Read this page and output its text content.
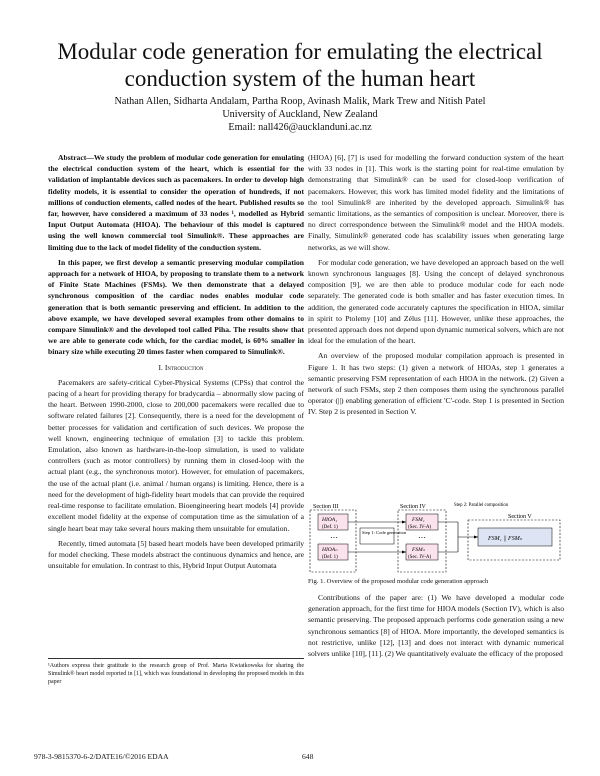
Modular code generation for emulating the electrical conduction system of the human heart
Nathan Allen, Sidharta Andalam, Partha Roop, Avinash Malik, Mark Trew and Nitish Patel
University of Auckland, New Zealand
Email: nall426@aucklanduni.ac.nz

Abstract—We study the problem of modular code generation for emulating the electrical conduction system of the heart, which is essential for the validation of implantable devices such as pacemakers. In order to develop high fidelity models, it is essential to consider the operation of hundreds, if not millions of conduction elements, called nodes of the heart. Published results so far, however, have considered a maximum of 33 nodes ¹, modelled as Hybrid Input Output Automata (HIOA). The behaviour of this model is captured using the well known commercial tool Simulink®. These approaches are limiting due to the lack of model fidelity of the conduction system.

In this paper, we first develop a semantic preserving modular compilation approach for a network of HIOA, by proposing to translate them to a network of Finite State Machines (FSMs). We then demonstrate that a delayed synchronous composition of the cardiac nodes enables modular code generation that is both semantic preserving and efficient. In addition to the above example, we have developed several examples from other domains to compare Simulink® and the developed tool called Piha. The results show that we are able to generate code which, for the cardiac model, is 60% smaller in binary size while executing 20 times faster when compared to Simulink®.

I. Introduction

Pacemakers are safety-critical Cyber-Physical Systems (CPSs) that control the pacing of a heart for providing therapy for bradycardia – abnormally slow pacing of the heart. Between 1990-2000, close to 200,000 pacemakers were recalled due to software related failures [2]. Consequently, there is a need for the development of better processes for validation and certification of such devices. We propose the well known, engineering technique of emulation [3] to tackle this problem. Emulation, also known as hardware-in-the-loop simulation, is used to validate controllers (such as motor controllers) by running them in closed-loop with the actual plant (e.g., the synchronous motor). However, for emulation of pacemakers, the use of the actual plant (i.e. animal / human organs) is limiting. Hence, there is a need for the development of high-fidelity heart models that can provide the required real-time response to facilitate emulation. Bioengineering heart models [4] provide excellent model fidelity at the expense of computation time as the simulation of a single heart beat may take several hours making them unsuitable for emulation.

Recently, timed automata [5] based heart models have been developed primarily for model checking. These models abstract the continuous dynamics and hence, are unsuitable for emulation. In contrast to this, Hybrid Input Output Automata

¹Authors express their gratitude to the research group of Prof. Marta Kwiatkowska for sharing the Simulink® heart model reported in [1], which was foundational in developing the proposed models in this paper

(HIOA) [6], [7] is used for modelling the forward conduction system of the heart with 33 nodes in [1]. This work is the starting point for real-time emulation by demonstrating that Simulink® can be used for closed-loop verification of pacemakers. However, this work has limited model fidelity and the limitations of the tool Simulink® are inherited by the developed approach. Simulink® has semantic limitations, as the semantics of composition is unclear. Moreover, there is no direct correspondence between the Simulink® model and the HIOA models. Finally, Simulink® generated code has scalability issues when generating large networks, as we will show.

For modular code generation, we have developed an approach based on the well known synchronous languages [8]. Using the concept of delayed synchronous composition [9], we are then able to produce modular code for each node separately. The generated code is both smaller and has faster execution times. In addition, the generated code accurately captures the specification in HIOA, similar in spirit to Ptolemy [10] and Zélus [11]. However, unlike these approaches, the presented approach does not depend upon dynamic numerical solvers, which are not ideal for the emulation of the heart.

An overview of the proposed modular compilation approach is presented in Figure 1. It has two steps: (1) given a network of HIOAs, step 1 generates a semantic preserving FSM representation of each HIOA in the network. (2) Given a network of such FSMs, step 2 then composes them using the synchronous parallel operator (||) enabling generation of efficient 'C'-code. Step 1 is presented in Section IV. Step 2 is presented in Section V.

Section III	Section IV
HIOA₁
(Def. 1)
⋯
HIOAₙ
(Def. 1)
FSM₁
(Sec. IV-A)
⋯
FSMₙ
(Sec. IV-A)
Step 1: Code generation
Step 2: Parallel composition
Section V
FSM₁ || FSMₙ
Fig. 1. Overview of the proposed modular code generation approach

Contributions of the paper are: (1) We have developed a modular code generation approach, for the first time for HIOA models (Section IV), which is also semantic preserving. The proposed approach performs code generation using a new synchronous semantics [8] of HIOA. More importantly, the developed semantics is not restrictive, unlike [12], [13] and does not interact with dynamic numerical solvers unlike [10], [11]. (2) We quantitatively evaluate the efficacy of the proposed

978-3-9815370-6-2/DATE16/©2016 EDAA	648
